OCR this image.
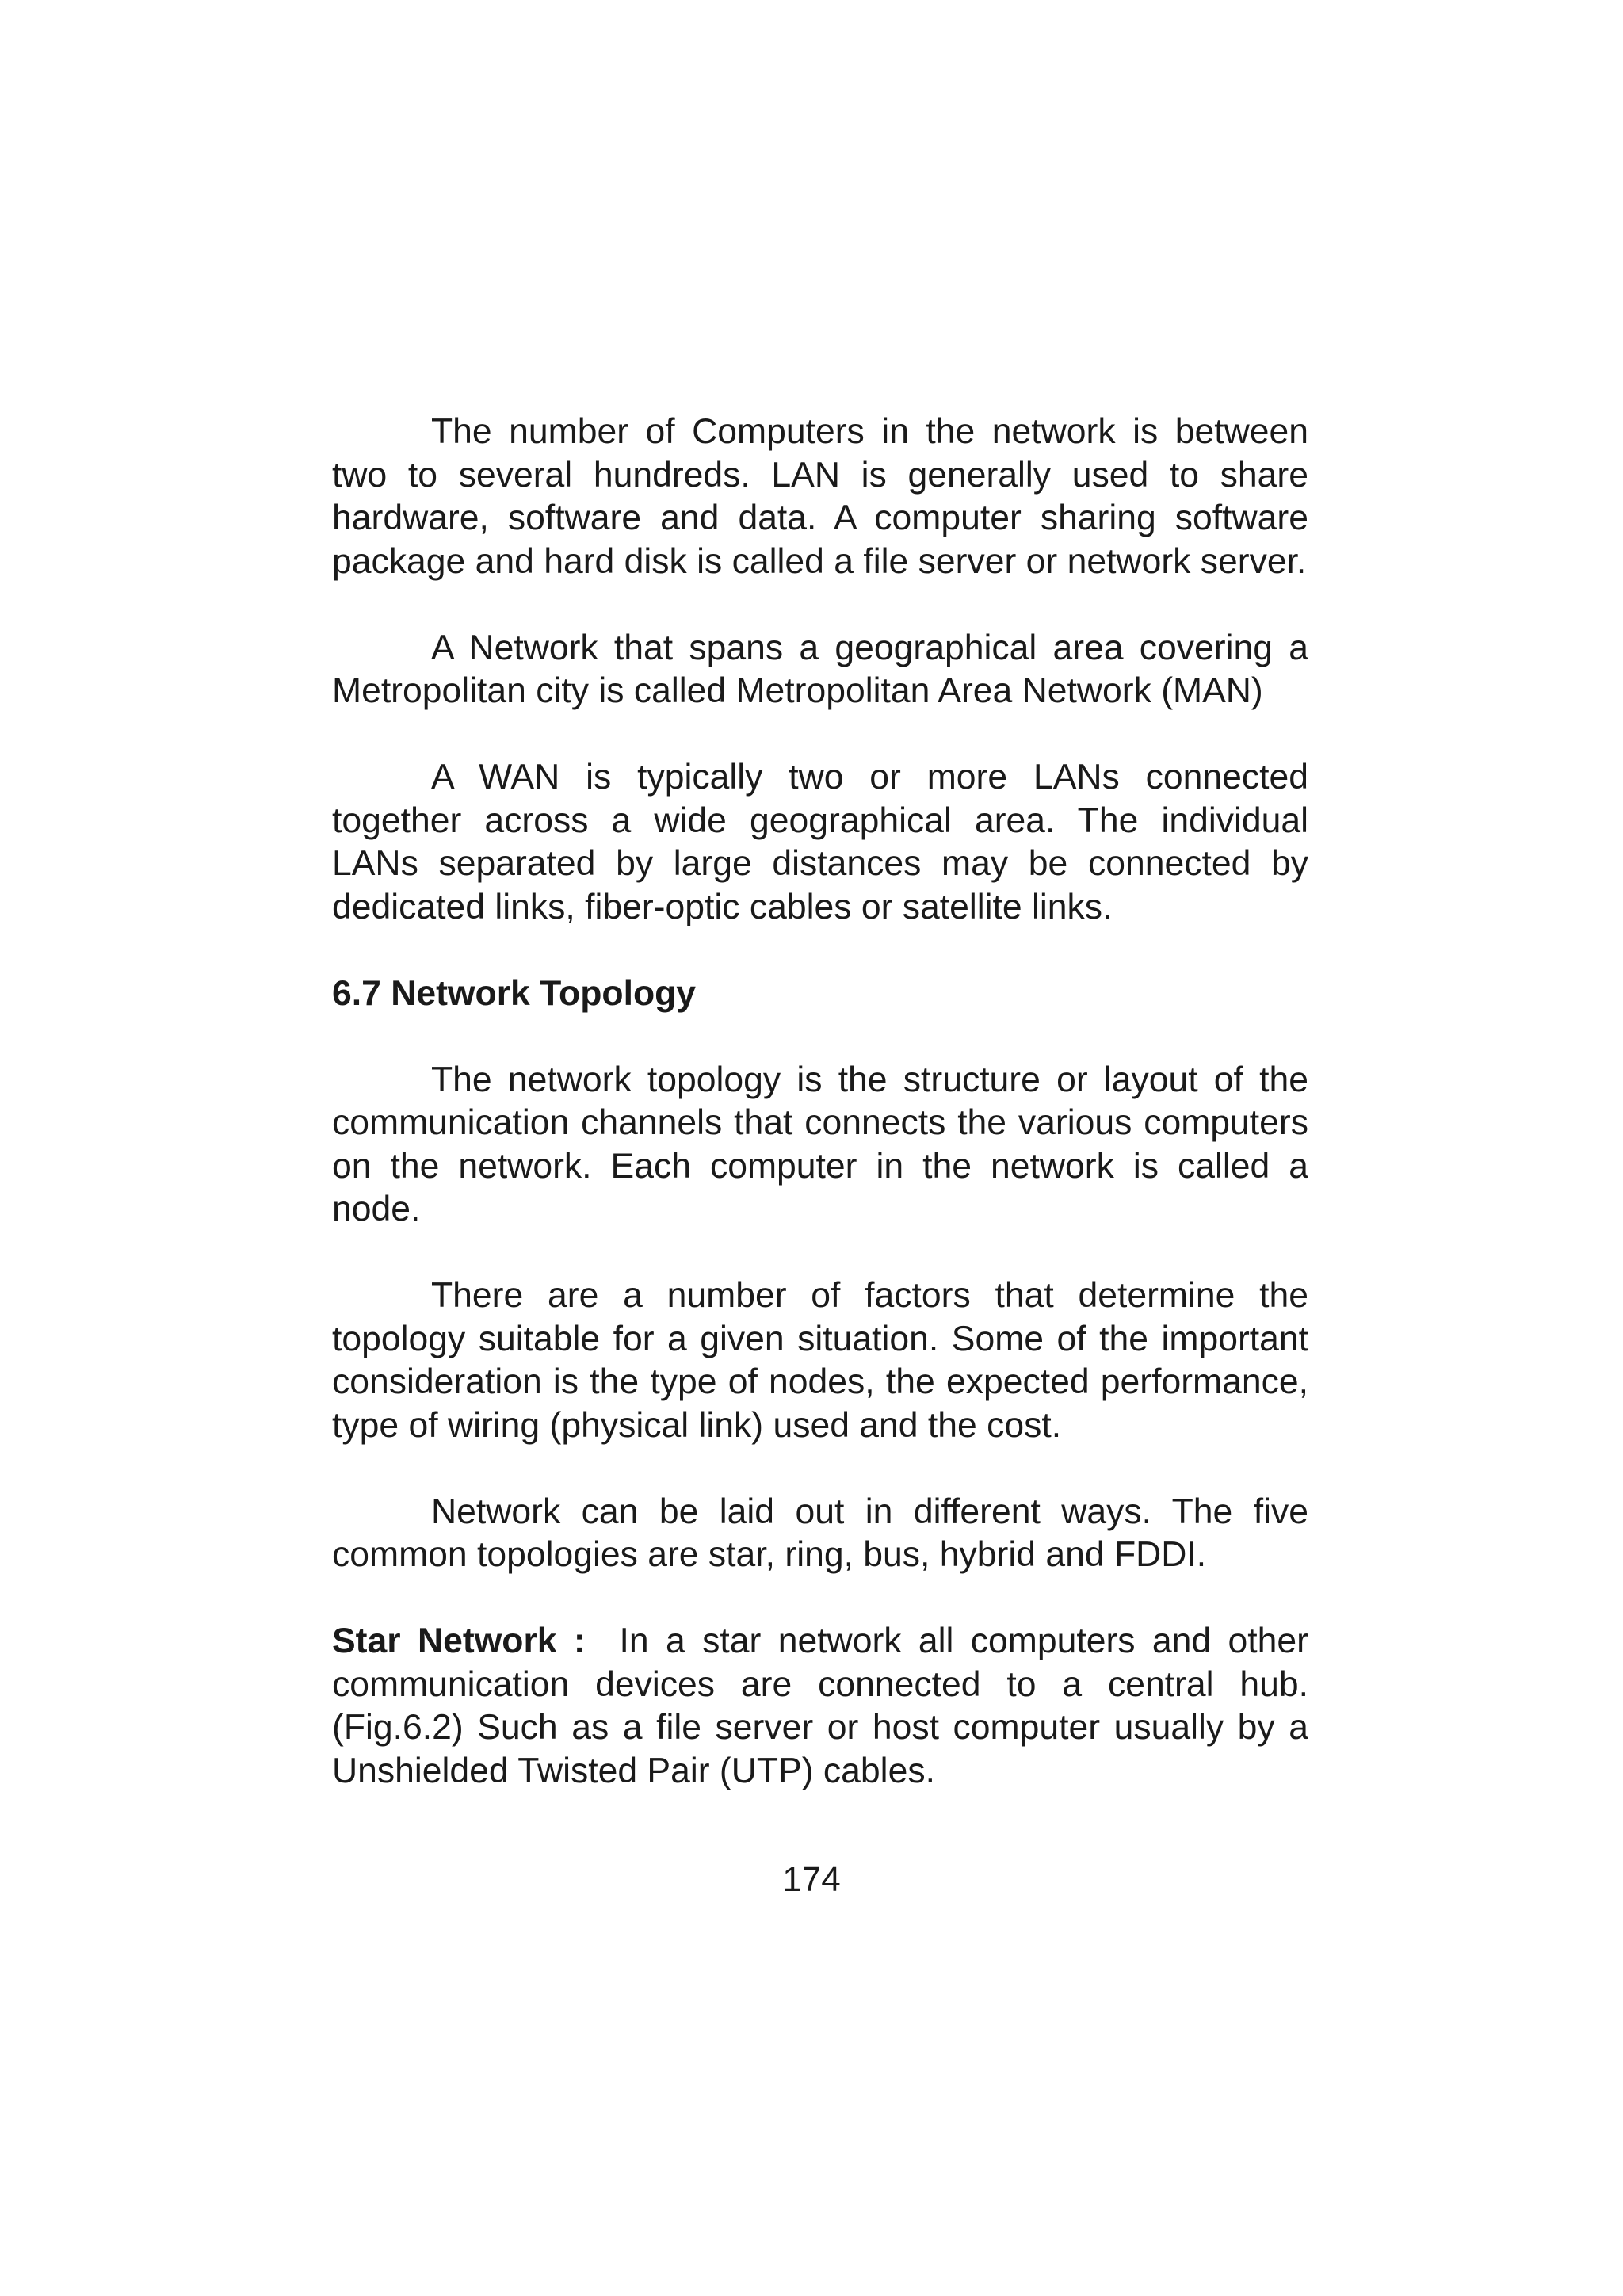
The number of Computers in the network is between two to several hundreds. LAN is generally used to share hardware, software and data. A computer sharing software package and hard disk is called a file server or network server.

A Network that spans a geographical area covering a Metropolitan city is called Metropolitan Area Network (MAN)

A WAN is typically two or more LANs connected together across a wide geographical area. The individual LANs separated by large distances may be connected by dedicated links, fiber-optic cables or satellite links.

6.7 Network Topology

The network topology is the structure or layout of the communication channels that connects the various computers on the network. Each computer in the network is called a node.

There are a number of factors that determine the topology suitable for a given situation. Some of the important consideration is the type of nodes, the expected performance, type of wiring (physical link) used and the cost.

Network can be laid out in different ways. The five common topologies are star, ring, bus, hybrid and FDDI.

Star Network : In a star network all computers and other communication devices are connected to a central hub. (Fig.6.2) Such as a file server or host computer usually by a Unshielded Twisted Pair (UTP) cables.

174
